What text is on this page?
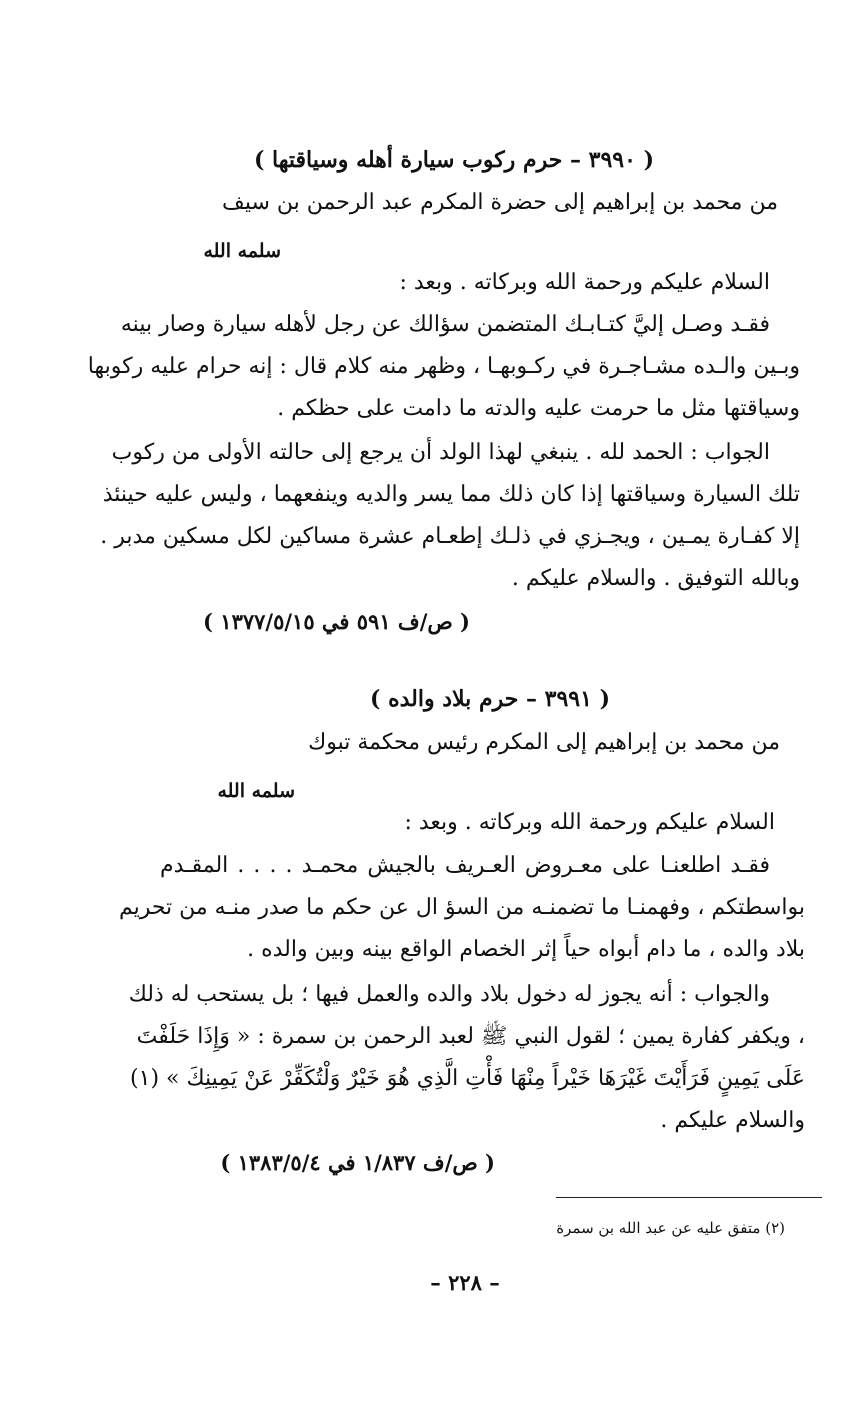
( ٣٩٩٠ – حرم ركوب سيارة أهله وسياقتها )

من محمد بن إبراهيم إلى حضرة المكرم عبد الرحمن بن سيف

سلمه الله

السلام عليكم ورحمة الله وبركاته . وبعد :

فقـد وصـل إليَّ كتـابـك المتضمن سؤالك عن رجل لأهله سيارة وصار بينه

وبـين والـده مشـاجـرة في ركـوبهـا ، وظهر منه كلام قال : إنه حرام عليه ركوبها

وسياقتها مثل ما حرمت عليه والدته ما دامت على حظكم .

الجواب : الحمد لله . ينبغي لهذا الولد أن يرجع إلى حالته الأولى من ركوب

تلك السيارة وسياقتها إذا كان ذلك مما يسر والديه وينفعهما ، وليس عليه حينئذ

إلا كفـارة يمـين ، ويجـزي في ذلـك إطعـام عشرة مساكين لكل مسكين مدبر .

وبالله التوفيق . والسلام عليكم .

( ص/ف ٥٩١ في ١٣٧٧/٥/١٥ )

( ٣٩٩١ – حرم بلاد والده )

من محمد بن إبراهيم إلى المكرم رئيس محكمة تبوك

سلمه الله

السلام عليكم ورحمة الله وبركاته . وبعد :

فقـد اطلعنـا على معـروض العـريف بالجيش محمـد . . . . المقـدم

بواسطتكم ، وفهمنـا ما تضمنـه من السؤ ال عن حكم ما صدر منـه من تحريم

بلاد والده ، ما دام أبواه حياً إثر الخصام الواقع بينه وبين والده .

والجواب : أنه يجوز له دخول بلاد والده والعمل فيها ؛ بل يستحب له ذلك

، ويكفر كفارة يمين ؛ لقول النبي ﷺ لعبد الرحمن بن سمرة : « وَإِذَا حَلَفْتَ

عَلَى يَمِينٍ فَرَأَيْتَ غَيْرَهَا خَيْراً مِنْهَا فَأْتِ الَّذِي هُوَ خَيْرٌ وَلْتُكَفِّرْ عَنْ يَمِينِكَ » (١)

والسلام عليكم .

( ص/ف ١/٨٣٧ في ١٣٨٣/٥/٤ )

(٢) متفق عليه عن عبد الله بن سمرة

– ٢٢٨ –
